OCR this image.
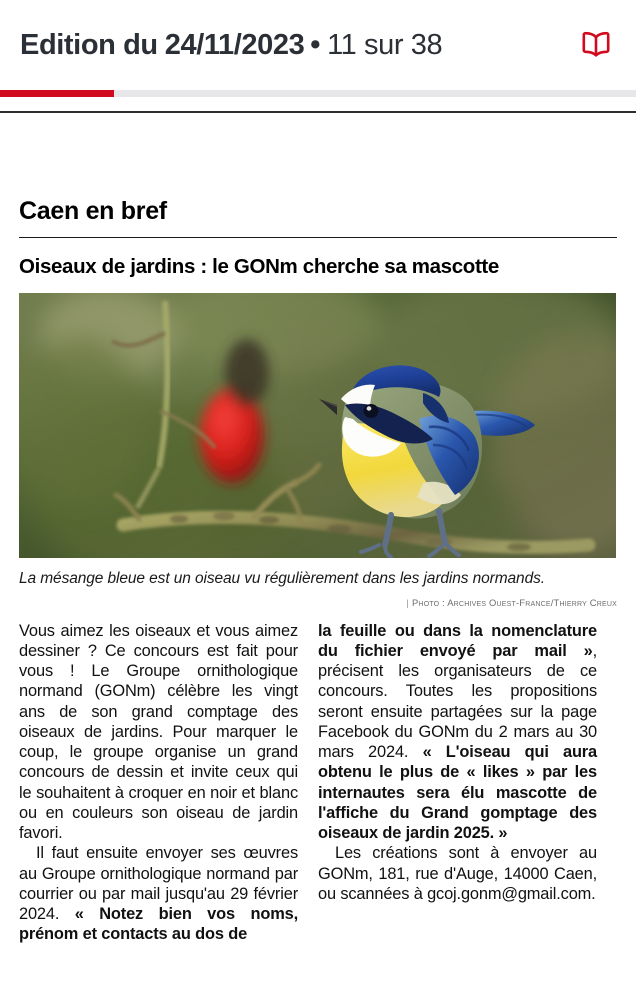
Edition du 24/11/2023 • 11 sur 38
Caen en bref
Oiseaux de jardins : le GONm cherche sa mascotte
La mésange bleue est un oiseau vu régulièrement dans les jardins normands.
| Photo : Archives Ouest-France/Thierry Creux

Vous aimez les oiseaux et vous aimez dessiner ? Ce concours est fait pour vous ! Le Groupe ornithologique normand (GONm) célèbre les vingt ans de son grand comptage des oiseaux de jardins. Pour marquer le coup, le groupe organise un grand concours de dessin et invite ceux qui le souhaitent à croquer en noir et blanc ou en couleurs son oiseau de jardin favori.

Il faut ensuite envoyer ses œuvres au Groupe ornithologique normand par courrier ou par mail jusqu'au 29 février 2024. « Notez bien vos noms, prénom et contacts au dos de

la feuille ou dans la nomenclature du fichier envoyé par mail », précisent les organisateurs de ce concours. Toutes les propositions seront ensuite partagées sur la page Facebook du GONm du 2 mars au 30 mars 2024. « L'oiseau qui aura obtenu le plus de « likes » par les internautes sera élu mascotte de l'affiche du Grand gomptage des oiseaux de jardin 2025. »

Les créations sont à envoyer au GONm, 181, rue d'Auge, 14000 Caen, ou scannées à gcoj.gonm@gmail.com.
